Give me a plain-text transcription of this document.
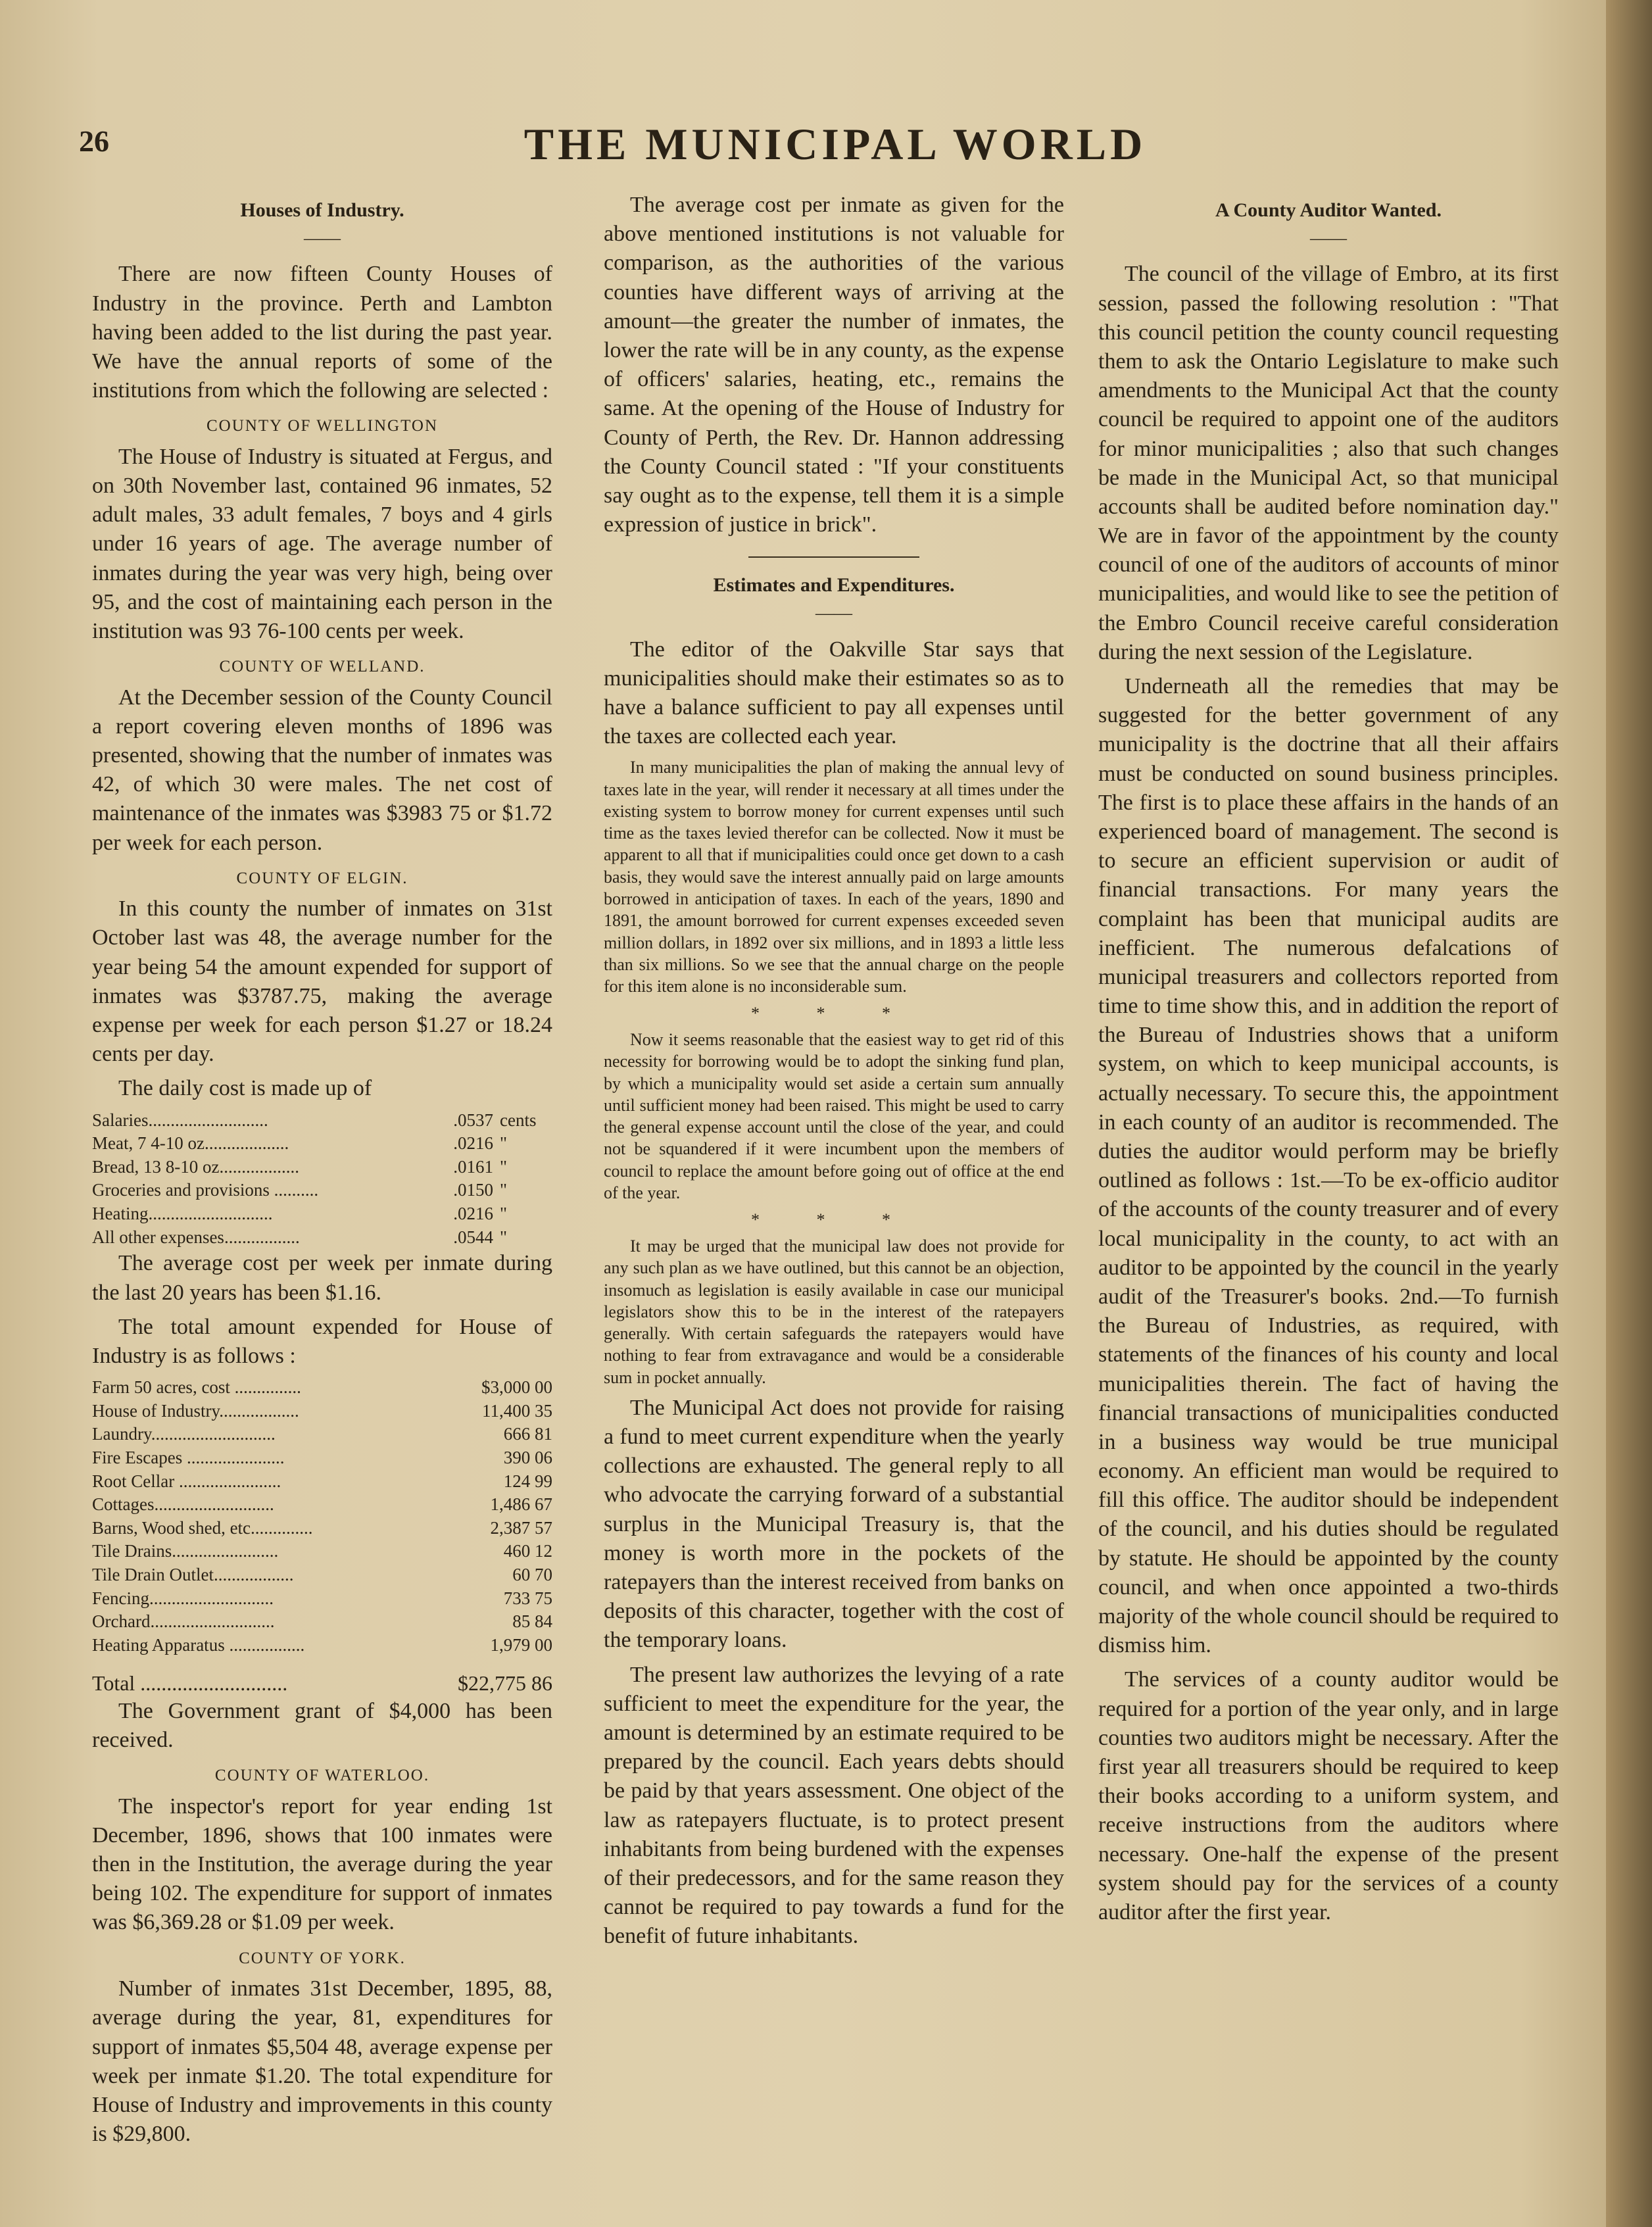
THE MUNICIPAL WORLD
26
Houses of Industry.
——

There are now fifteen County Houses of Industry in the province. Perth and Lambton having been added to the list during the past year. We have the annual reports of some of the institutions from which the following are selected :

COUNTY OF WELLINGTON

The House of Industry is situated at Fergus, and on 30th November last, contained 96 inmates, 52 adult males, 33 adult females, 7 boys and 4 girls under 16 years of age. The average number of inmates during the year was very high, being over 95, and the cost of maintaining each person in the institution was 93 76-100 cents per week.

COUNTY OF WELLAND.

At the December session of the County Council a report covering eleven months of 1896 was presented, showing that the number of inmates was 42, of which 30 were males. The net cost of maintenance of the inmates was $3983 75 or $1.72 per week for each person.

COUNTY OF ELGIN.

In this county the number of inmates on 31st October last was 48, the average number for the year being 54 the amount expended for support of inmates was $3787.75, making the average expense per week for each person $1.27 or 18.24 cents per day.

The daily cost is made up of

Salaries...........................	.0537	cents
Meat, 7 4-10 oz...................	.0216	"
Bread, 13 8-10 oz..................	.0161	"
Groceries and provisions ..........	.0150	"
Heating............................	.0216	"
All other expenses.................	.0544	"

The average cost per week per inmate during the last 20 years has been $1.16.

The total amount expended for House of Industry is as follows :

Farm 50 acres, cost ...............	$3,000 00
House of Industry..................	11,400 35
Laundry............................	666 81
Fire Escapes ......................	390 06
Root Cellar .......................	124 99
Cottages...........................	1,486 67
Barns, Wood shed, etc..............	2,387 57
Tile Drains........................	460 12
Tile Drain Outlet..................	60 70
Fencing............................	733 75
Orchard............................	85 84
Heating Apparatus .................	1,979 00
Total ............................	$22,775 86

The Government grant of $4,000 has been received.

COUNTY OF WATERLOO.

The inspector's report for year ending 1st December, 1896, shows that 100 inmates were then in the Institution, the average during the year being 102. The expenditure for support of inmates was $6,369.28 or $1.09 per week.

COUNTY OF YORK.

Number of inmates 31st December, 1895, 88, average during the year, 81, expenditures for support of inmates $5,504 48, average expense per week per inmate $1.20. The total expenditure for House of Industry and improvements in this county is $29,800.

The average cost per inmate as given for the above mentioned institutions is not valuable for comparison, as the authorities of the various counties have different ways of arriving at the amount—the greater the number of inmates, the lower the rate will be in any county, as the expense of officers' salaries, heating, etc., remains the same. At the opening of the House of Industry for County of Perth, the Rev. Dr. Hannon addressing the County Council stated : "If your constituents say ought as to the expense, tell them it is a simple expression of justice in brick".

Estimates and Expenditures.
——

The editor of the Oakville Star says that municipalities should make their estimates so as to have a balance sufficient to pay all expenses until the taxes are collected each year.

In many municipalities the plan of making the annual levy of taxes late in the year, will render it necessary at all times under the existing system to borrow money for current expenses until such time as the taxes levied therefor can be collected. Now it must be apparent to all that if municipalities could once get down to a cash basis, they would save the interest annually paid on large amounts borrowed in anticipation of taxes. In each of the years, 1890 and 1891, the amount borrowed for current expenses exceeded seven million dollars, in 1892 over six millions, and in 1893 a little less than six millions. So we see that the annual charge on the people for this item alone is no inconsiderable sum.

* * *

Now it seems reasonable that the easiest way to get rid of this necessity for borrowing would be to adopt the sinking fund plan, by which a municipality would set aside a certain sum annually until sufficient money had been raised. This might be used to carry the general expense account until the close of the year, and could not be squandered if it were incumbent upon the members of council to replace the amount before going out of office at the end of the year.

* * *

It may be urged that the municipal law does not provide for any such plan as we have outlined, but this cannot be an objection, insomuch as legislation is easily available in case our municipal legislators show this to be in the interest of the ratepayers generally. With certain safeguards the ratepayers would have nothing to fear from extravagance and would be a considerable sum in pocket annually.

The Municipal Act does not provide for raising a fund to meet current expenditure when the yearly collections are exhausted. The general reply to all who advocate the carrying forward of a substantial surplus in the Municipal Treasury is, that the money is worth more in the pockets of the ratepayers than the interest received from banks on deposits of this character, together with the cost of the temporary loans.

The present law authorizes the levying of a rate sufficient to meet the expenditure for the year, the amount is determined by an estimate required to be prepared by the council. Each years debts should be paid by that years assessment. One object of the law as ratepayers fluctuate, is to protect present inhabitants from being burdened with the expenses of their predecessors, and for the same reason they cannot be required to pay towards a fund for the benefit of future inhabitants.

A County Auditor Wanted.
——

The council of the village of Embro, at its first session, passed the following resolution : "That this council petition the county council requesting them to ask the Ontario Legislature to make such amendments to the Municipal Act that the county council be required to appoint one of the auditors for minor municipalities ; also that such changes be made in the Municipal Act, so that municipal accounts shall be audited before nomination day." We are in favor of the appointment by the county council of one of the auditors of accounts of minor municipalities, and would like to see the petition of the Embro Council receive careful consideration during the next session of the Legislature.

Underneath all the remedies that may be suggested for the better government of any municipality is the doctrine that all their affairs must be conducted on sound business principles. The first is to place these affairs in the hands of an experienced board of management. The second is to secure an efficient supervision or audit of financial transactions. For many years the complaint has been that municipal audits are inefficient. The numerous defalcations of municipal treasurers and collectors reported from time to time show this, and in addition the report of the Bureau of Industries shows that a uniform system, on which to keep municipal accounts, is actually necessary. To secure this, the appointment in each county of an auditor is recommended. The duties the auditor would perform may be briefly outlined as follows : 1st.—To be ex-officio auditor of the accounts of the county treasurer and of every local municipality in the county, to act with an auditor to be appointed by the council in the yearly audit of the Treasurer's books. 2nd.—To furnish the Bureau of Industries, as required, with statements of the finances of his county and local municipalities therein. The fact of having the financial transactions of municipalities conducted in a business way would be true municipal economy. An efficient man would be required to fill this office. The auditor should be independent of the council, and his duties should be regulated by statute. He should be appointed by the county council, and when once appointed a two-thirds majority of the whole council should be required to dismiss him.

The services of a county auditor would be required for a portion of the year only, and in large counties two auditors might be necessary. After the first year all treasurers should be required to keep their books according to a uniform system, and receive instructions from the auditors where necessary. One-half the expense of the present system should pay for the services of a county auditor after the first year.
